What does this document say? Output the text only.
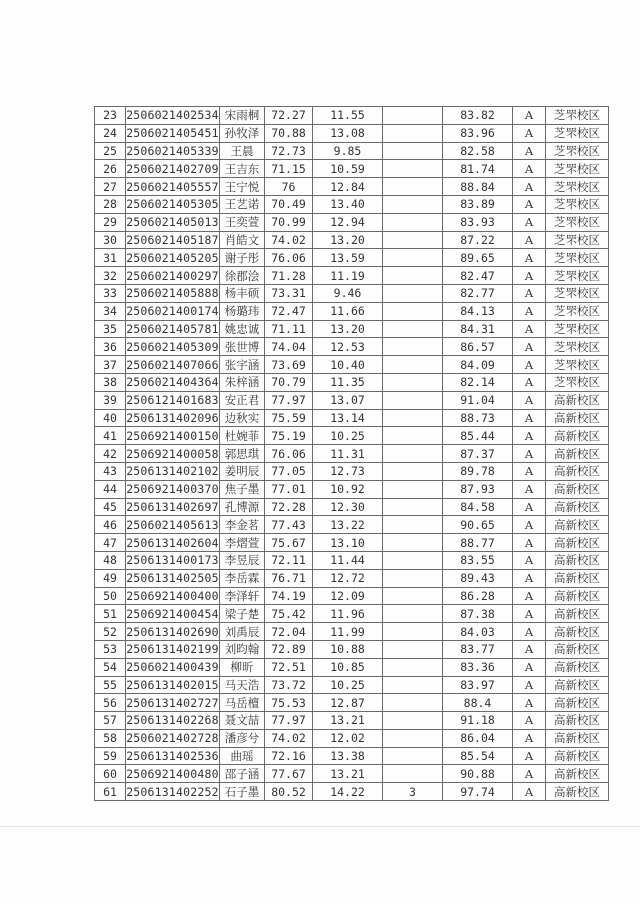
23	2506021402534	宋雨桐	72.27	11.55		83.82	A	芝罘校区
24	2506021405451	孙牧泽	70.88	13.08		83.96	A	芝罘校区
25	2506021405339	王晨	72.73	9.85		82.58	A	芝罘校区
26	2506021402709	王吉东	71.15	10.59		81.74	A	芝罘校区
27	2506021405557	王宁悦	76	12.84		88.84	A	芝罘校区
28	2506021405305	王艺诺	70.49	13.40		83.89	A	芝罘校区
29	2506021405013	王奕萱	70.99	12.94		83.93	A	芝罘校区
30	2506021405187	肖皓文	74.02	13.20		87.22	A	芝罘校区
31	2506021405205	谢子彤	76.06	13.59		89.65	A	芝罘校区
32	2506021400297	徐郡浍	71.28	11.19		82.47	A	芝罘校区
33	2506021405888	杨丰硕	73.31	9.46		82.77	A	芝罘校区
34	2506021400174	杨璐玮	72.47	11.66		84.13	A	芝罘校区
35	2506021405781	姚忠诚	71.11	13.20		84.31	A	芝罘校区
36	2506021405309	张世博	74.04	12.53		86.57	A	芝罘校区
37	2506021407066	张宇涵	73.69	10.40		84.09	A	芝罘校区
38	2506021404364	朱梓涵	70.79	11.35		82.14	A	芝罘校区
39	2506121401683	安正君	77.97	13.07		91.04	A	高新校区
40	2506131402096	边秋实	75.59	13.14		88.73	A	高新校区
41	2506921400150	杜婉菲	75.19	10.25		85.44	A	高新校区
42	2506921400058	郭思琪	76.06	11.31		87.37	A	高新校区
43	2506131402102	姜明辰	77.05	12.73		89.78	A	高新校区
44	2506921400370	焦子墨	77.01	10.92		87.93	A	高新校区
45	2506131402697	孔博源	72.28	12.30		84.58	A	高新校区
46	2506021405613	李金茗	77.43	13.22		90.65	A	高新校区
47	2506131402604	李熠萱	75.67	13.10		88.77	A	高新校区
48	2506131400173	李昱辰	72.11	11.44		83.55	A	高新校区
49	2506131402505	李岳霖	76.71	12.72		89.43	A	高新校区
50	2506921400400	李泽轩	74.19	12.09		86.28	A	高新校区
51	2506921400454	梁子楚	75.42	11.96		87.38	A	高新校区
52	2506131402690	刘禹辰	72.04	11.99		84.03	A	高新校区
53	2506131402199	刘昀翰	72.89	10.88		83.77	A	高新校区
54	2506021400439	柳昕	72.51	10.85		83.36	A	高新校区
55	2506131402015	马天浩	73.72	10.25		83.97	A	高新校区
56	2506131402727	马岳檀	75.53	12.87		88.4	A	高新校区
57	2506131402268	聂文喆	77.97	13.21		91.18	A	高新校区
58	2506021402728	潘彦兮	74.02	12.02		86.04	A	高新校区
59	2506131402536	曲瑶	72.16	13.38		85.54	A	高新校区
60	2506921400480	邵子涵	77.67	13.21		90.88	A	高新校区
61	2506131402252	石子墨	80.52	14.22	3	97.74	A	高新校区
